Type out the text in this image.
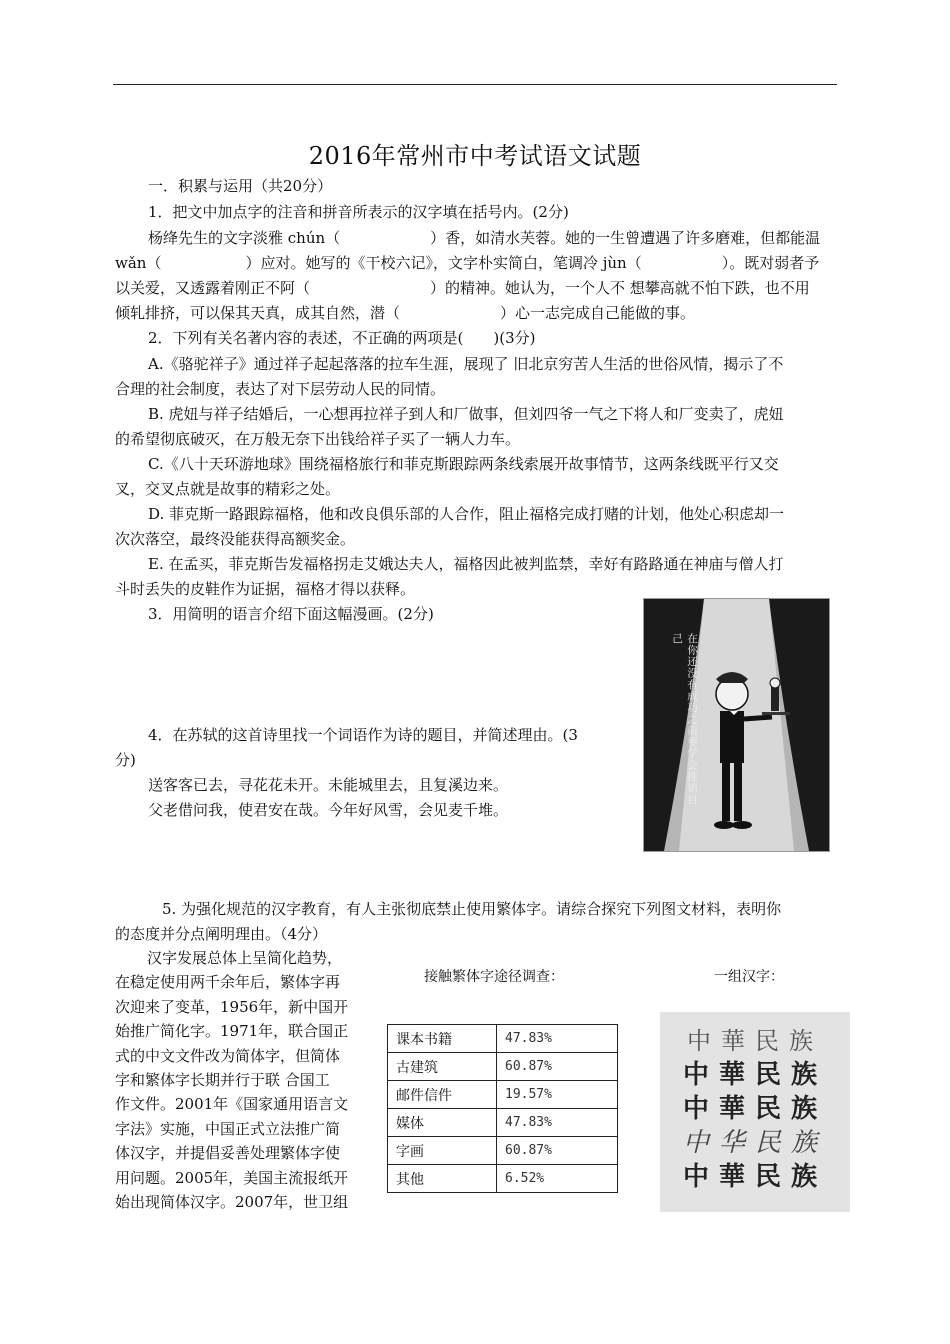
2016年常州市中考试语文试题
一．积累与运用（共20分）
1．把文中加点字的注音和拼音所表示的汉字填在括号内。(2分)
杨绛先生的文字淡雅 chún（	）香，如清水芙蓉。她的一生曾遭遇了许多磨难，但都能温
wǎn（	）应对。她写的《干校六记》，文字朴实简白，笔调冷 jùn（	）。既对弱者予
以关爱，又透露着刚正不阿（	）的精神。她认为，一个人不 想攀高就不怕下跌，也不用
倾轧排挤，可以保其天真，成其自然，潜（	）心一志完成自己能做的事。
2．下列有关名著内容的表述，不正确的两项是(　　)(3分)
A.《骆驼祥子》通过祥子起起落落的拉车生涯，展现了 旧北京穷苦人生活的世俗风情，揭示了不
合理的社会制度，表达了对下层劳动人民的同情。
B. 虎妞与祥子结婚后，一心想再拉祥子到人和厂做事，但刘四爷一气之下将人和厂变卖了，虎妞
的希望彻底破灭，在万般无奈下出钱给祥子买了一辆人力车。
C.《八十天环游地球》围绕福格旅行和菲克斯跟踪两条线索展开故事情节，这两条线既平行又交
叉，交叉点就是故事的精彩之处。
D. 菲克斯一路跟踪福格，他和改良俱乐部的人合作，阻止福格完成打赌的计划，他处心积虑却一
次次落空，最终没能获得高额奖金。
E. 在孟买，菲克斯告发福格拐走艾娥达夫人，福格因此被判监禁，幸好有路路通在神庙与僧人打
斗时丢失的皮鞋作为证据，福格才得以获释。
3．用简明的语言介绍下面这幅漫画。(2分)
在你还没有成功之前要学会推销自己
4．在苏轼的这首诗里找一个词语作为诗的题目，并简述理由。(3
分)
送客客已去，寻花花未开。未能城里去，且复溪边来。
父老借问我，使君安在哉。今年好风雪，会见麦千堆。
5. 为强化规范的汉字教育，有人主张彻底禁止使用繁体字。请综合探究下列图文材料，表明你
的态度并分点阐明理由。（4分）
汉字发展总体上呈简化趋势，
在稳定使用两千余年后，繁体字再
次迎来了变革，1956年，新中国开
始推广简化字。1971年，联合国正
式的中文文件改为简体字，但简体
字和繁体字长期并行于联 合国工
作文件。2001年《国家通用语言文
字法》实施，中国正式立法推广简
体汉字，并提倡妥善处理繁体字使
用问题。2005年，美国主流报纸开
始出现简体汉字。2007年，世卫组
接触繁体字途径调查：
课本书籍	47.83%
古建筑	60.87%
邮件信件	19.57%
媒体	47.83%
字画	60.87%
其他	6.52%
一组汉字：
中華民族
中華民族
中華民族
中华民族
中華民族
